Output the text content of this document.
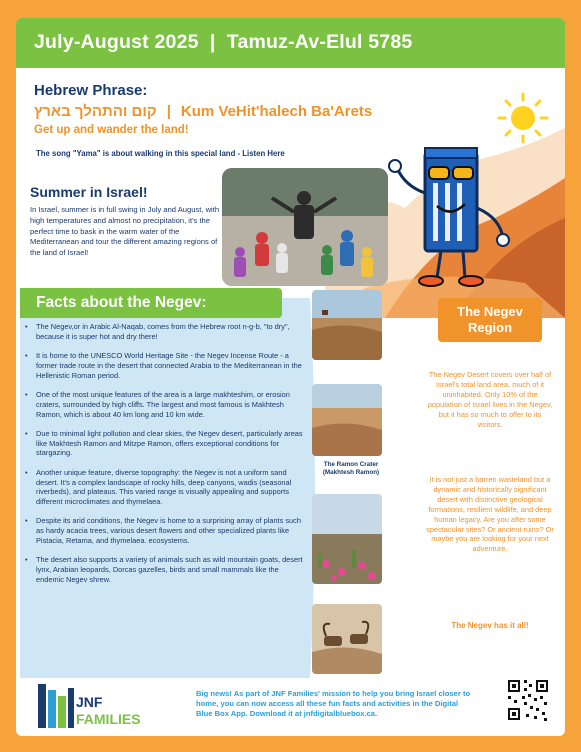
July-August 2025  |  Tamuz-Av-Elul 5785
Hebrew Phrase:
קום והתהלך בארץ | Kum VeHit'halech Ba'Arets
Get up and wander the land!
The song "Yama" is about walking in this special land - Listen Here
Summer in Israel!
In Israel, summer is in full swing in July and August, with high temperatures and almost no precipitation, it's the perfect time to bask in the warm water of the Mediterranean and tour the different amazing regions of the land of Israel!
Facts about the Negev:
• The Negev,or in Arabic Al-Naqab, comes from the Hebrew root n-g-b, "to dry", because it is super hot and dry there!
• It is home to the UNESCO World Heritage Site - the Negev Incense Route - a former trade route in the desert that connected Arabia to the Mediterranean in the Hellenistic Roman period.
• One of the most unique features of the area is a large makhteshim, or erosion craters, surrounded by high cliffs. The largest and most famous is Makhtesh Ramon, which is about 40 km long and 10 km wide.
• Due to minimal light pollution and clear skies, the Negev desert, particularly areas like Makhtesh Ramon and Mitzpe Ramon, offers exceptional conditions for stargazing.
• Another unique feature, diverse topography: the Negev is not a uniform sand desert. It's a complex landscape of rocky hills, deep canyons, wadis (seasonal riverbeds), and plateaus. This varied range is visually appealing and supports different microclimates and thymelaea.
• Despite its arid conditions, the Negev is home to a surprising array of plants such as hardy acacia trees, various desert flowers and other specialized plants like Pistacia, Retama, and thymelaea. ecosystems.
• The desert also supports a variety of animals such as wild mountain goats, desert lynx, Arabian leopards, Dorcas gazelles, birds and small mammals like the endemic Negev shrew.
The Ramon Crater
(Makhtesh Ramon)
The Negev
Region
The Negev Desert covers over half of Israel's total land area, much of it uninhabited. Only 10% of the population of Israel lives in the Negev, but it has so much to offer to its visitors.
It is not just a barren wasteland but a dynamic and historically significant desert with distinctive geological formations, resilient wildlife, and deep human legacy. Are you after some spectacular sites? Or ancient ruins? Or maybe you are looking for your next adventure.
The Negev has it all!
JNF
FAMILIES
Big news! As part of JNF Families' mission to help you bring Israel closer to home, you can now access all these fun facts and activities in the Digital Blue Box App. Download it at jnfdigitalbluebox.ca.
